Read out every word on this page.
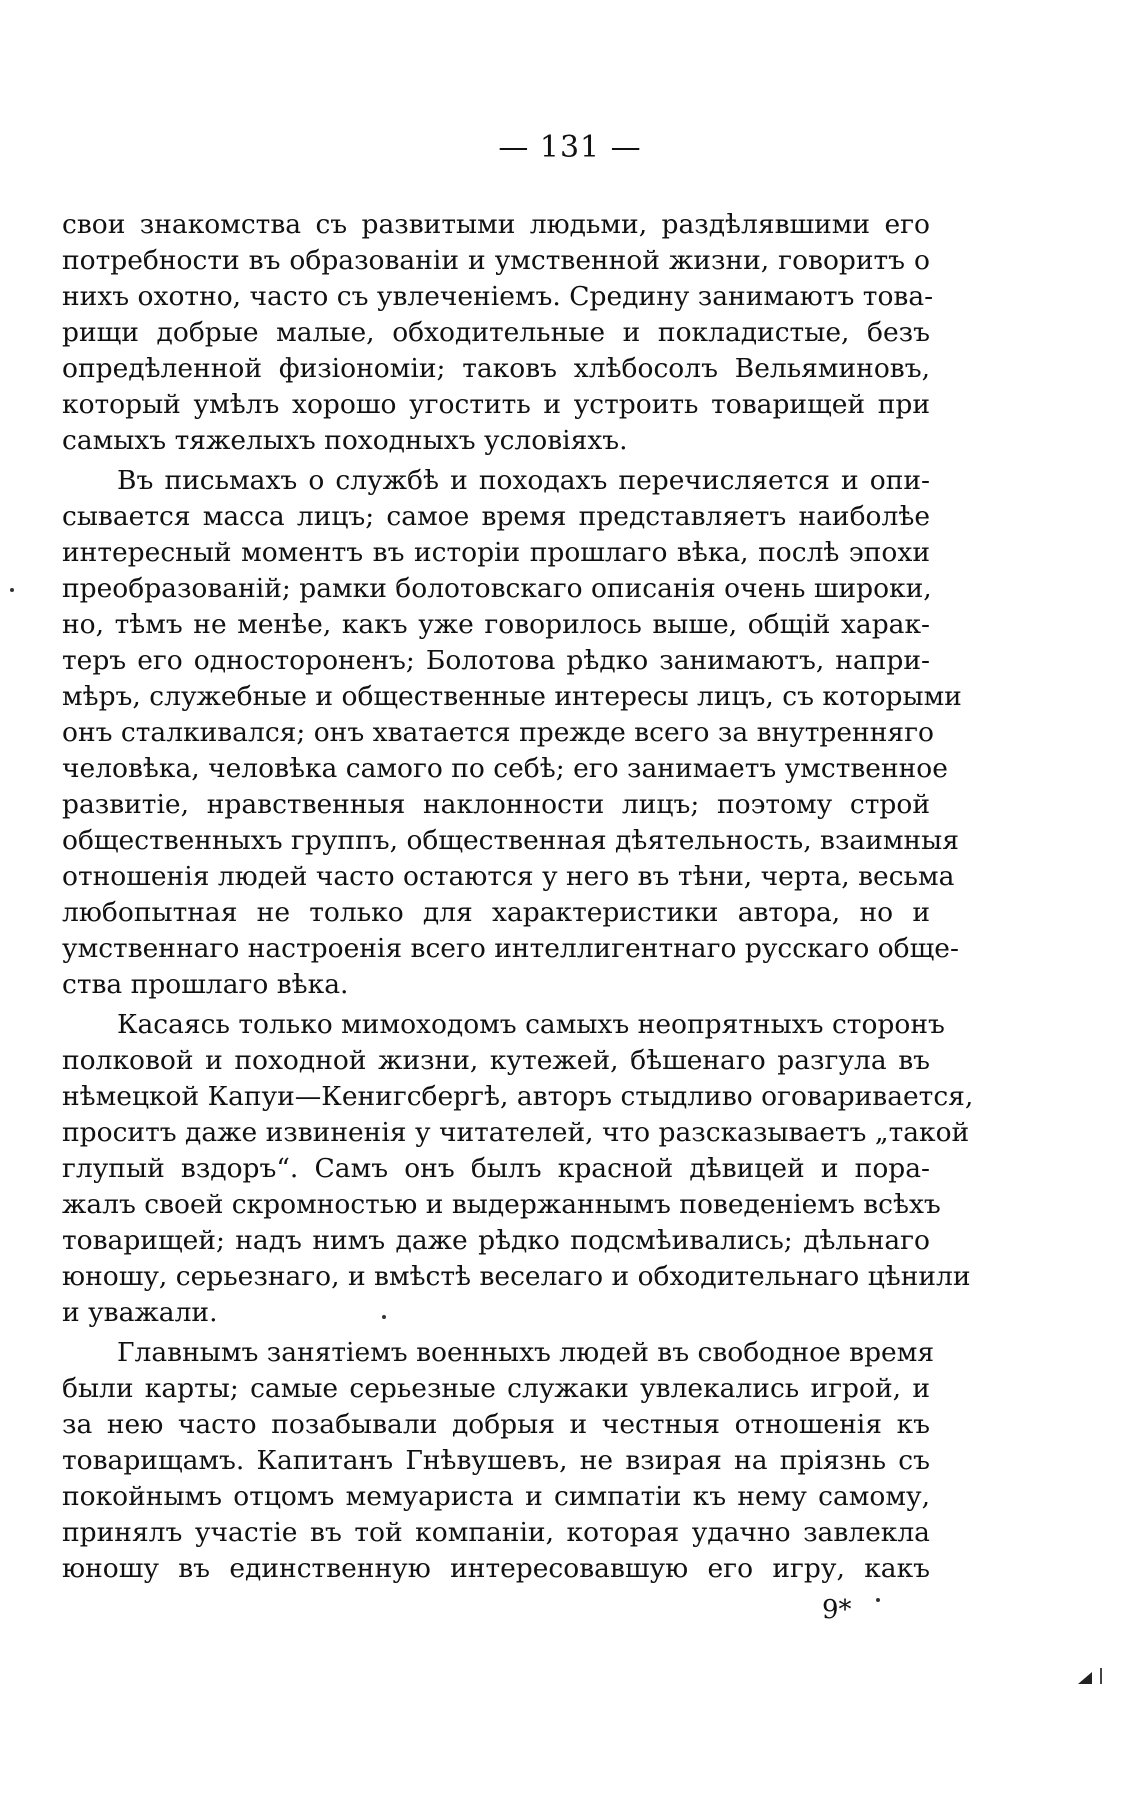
— 131 —
свои знакомства съ развитыми людьми, раздѣлявшими его
потребности въ образованіи и умственной жизни, говоритъ о
нихъ охотно, часто съ увлеченіемъ. Средину занимаютъ това-
рищи добрые малые, обходительные и покладистые, безъ
опредѣленной физіономіи; таковъ хлѣбосолъ Вельяминовъ,
который умѣлъ хорошо угостить и устроить товарищей при
самыхъ тяжелыхъ походныхъ условіяхъ.
Въ письмахъ о службѣ и походахъ перечисляется и опи-
сывается масса лицъ; самое время представляетъ наиболѣе
интересный моментъ въ исторіи прошлаго вѣка, послѣ эпохи
преобразованій; рамки болотовскаго описанія очень широки,
но, тѣмъ не менѣе, какъ уже говорилось выше, общій харак-
теръ его одностороненъ; Болотова рѣдко занимаютъ, напри-
мѣръ, служебные и общественные интересы лицъ, съ которыми
онъ сталкивался; онъ хватается прежде всего за внутренняго
человѣка, человѣка самого по себѣ; его занимаетъ умственное
развитіе, нравственныя наклонности лицъ; поэтому строй
общественныхъ группъ, общественная дѣятельность, взаимныя
отношенія людей часто остаются у него въ тѣни, черта, весьма
любопытная не только для характеристики автора, но и
умственнаго настроенія всего интеллигентнаго русскаго обще-
ства прошлаго вѣка.
Касаясь только мимоходомъ самыхъ неопрятныхъ сторонъ
полковой и походной жизни, кутежей, бѣшенаго разгула въ
нѣмецкой Капуи—Кенигсбергѣ, авторъ стыдливо оговаривается,
проситъ даже извиненія у читателей, что разсказываетъ „такой
глупый вздоръ“. Самъ онъ былъ красной дѣвицей и пора-
жалъ своей скромностью и выдержаннымъ поведеніемъ всѣхъ
товарищей; надъ нимъ даже рѣдко подсмѣивались; дѣльнаго
юношу, серьезнаго, и вмѣстѣ веселаго и обходительнаго цѣнили
и уважали.
Главнымъ занятіемъ военныхъ людей въ свободное время
были карты; самые серьезные служаки увлекались игрой, и
за нею часто позабывали добрыя и честныя отношенія къ
товарищамъ. Капитанъ Гнѣвушевъ, не взирая на пріязнь съ
покойнымъ отцомъ мемуариста и симпатіи къ нему самому,
принялъ участіе въ той компаніи, которая удачно завлекла
юношу въ единственную интересовавшую его игру, какъ
9*
